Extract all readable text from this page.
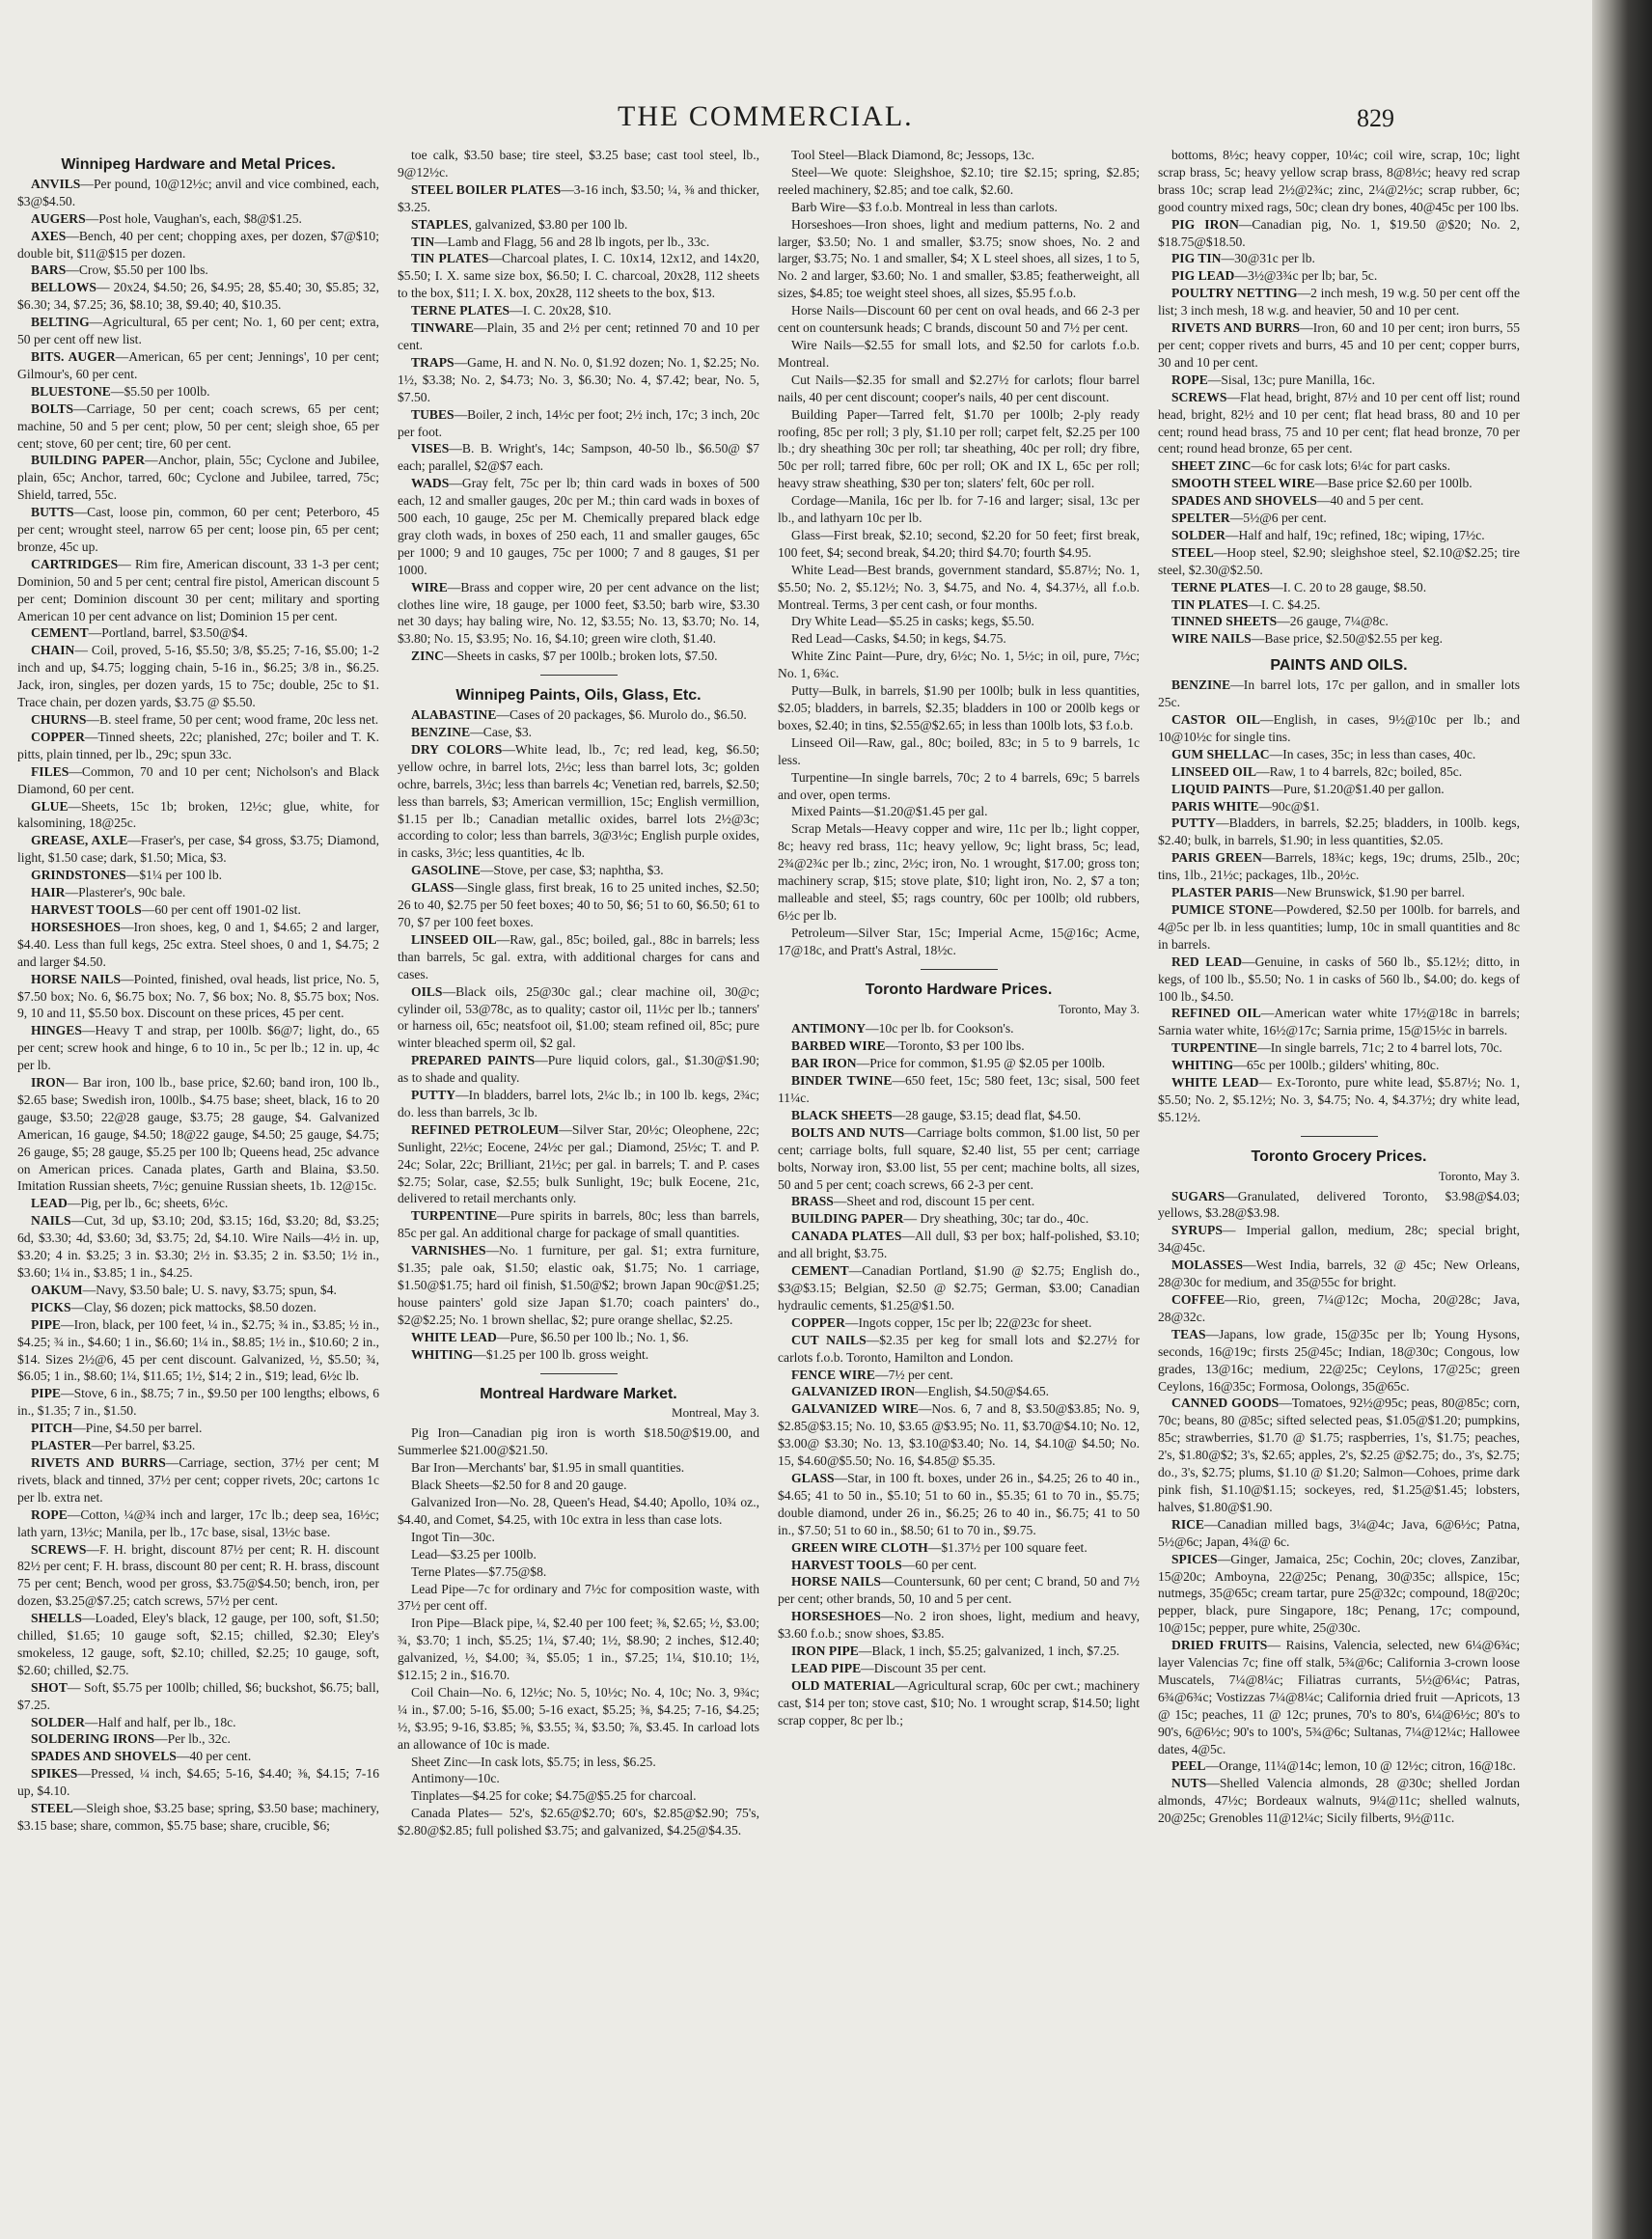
THE COMMERCIAL.	829
Winnipeg Hardware and Metal Prices.

ANVILS—Per pound, 10@12½c; anvil and vice combined, each, $3@$4.50.

AUGERS—Post hole, Vaughan's, each, $8@$1.25.

AXES—Bench, 40 per cent; chopping axes, per dozen, $7@$10; double bit, $11@$15 per dozen.

BARS—Crow, $5.50 per 100 lbs.

BELLOWS— 20x24, $4.50; 26, $4.95; 28, $5.40; 30, $5.85; 32, $6.30; 34, $7.25; 36, $8.10; 38, $9.40; 40, $10.35.

BELTING—Agricultural, 65 per cent; No. 1, 60 per cent; extra, 50 per cent off new list.

BITS. AUGER—American, 65 per cent; Jennings', 10 per cent; Gilmour's, 60 per cent.

BLUESTONE—$5.50 per 100lb.

BOLTS—Carriage, 50 per cent; coach screws, 65 per cent; machine, 50 and 5 per cent; plow, 50 per cent; sleigh shoe, 65 per cent; stove, 60 per cent; tire, 60 per cent.

BUILDING PAPER—Anchor, plain, 55c; Cyclone and Jubilee, plain, 65c; Anchor, tarred, 60c; Cyclone and Jubilee, tarred, 75c; Shield, tarred, 55c.

BUTTS—Cast, loose pin, common, 60 per cent; Peterboro, 45 per cent; wrought steel, narrow 65 per cent; loose pin, 65 per cent; bronze, 45c up.

CARTRIDGES— Rim fire, American discount, 33 1-3 per cent; Dominion, 50 and 5 per cent; central fire pistol, American discount 5 per cent; Dominion discount 30 per cent; military and sporting American 10 per cent advance on list; Dominion 15 per cent.

CEMENT—Portland, barrel, $3.50@$4.

CHAIN— Coil, proved, 5-16, $5.50; 3/8, $5.25; 7-16, $5.00; 1-2 inch and up, $4.75; logging chain, 5-16 in., $6.25; 3/8 in., $6.25. Jack, iron, singles, per dozen yards, 15 to 75c; double, 25c to $1. Trace chain, per dozen yards, $3.75 @ $5.50.

CHURNS—B. steel frame, 50 per cent; wood frame, 20c less net.

COPPER—Tinned sheets, 22c; planished, 27c; boiler and T. K. pitts, plain tinned, per lb., 29c; spun 33c.

FILES—Common, 70 and 10 per cent; Nicholson's and Black Diamond, 60 per cent.

GLUE—Sheets, 15c 1b; broken, 12½c; glue, white, for kalsomining, 18@25c.

GREASE, AXLE—Fraser's, per case, $4 gross, $3.75; Diamond, light, $1.50 case; dark, $1.50; Mica, $3.

GRINDSTONES—$1¼ per 100 lb.

HAIR—Plasterer's, 90c bale.

HARVEST TOOLS—60 per cent off 1901-02 list.

HORSESHOES—Iron shoes, keg, 0 and 1, $4.65; 2 and larger, $4.40. Less than full kegs, 25c extra. Steel shoes, 0 and 1, $4.75; 2 and larger $4.50.

HORSE NAILS—Pointed, finished, oval heads, list price, No. 5, $7.50 box; No. 6, $6.75 box; No. 7, $6 box; No. 8, $5.75 box; Nos. 9, 10 and 11, $5.50 box. Discount on these prices, 45 per cent.

HINGES—Heavy T and strap, per 100lb. $6@7; light, do., 65 per cent; screw hook and hinge, 6 to 10 in., 5c per lb.; 12 in. up, 4c per lb.

IRON— Bar iron, 100 lb., base price, $2.60; band iron, 100 lb., $2.65 base; Swedish iron, 100lb., $4.75 base; sheet, black, 16 to 20 gauge, $3.50; 22@28 gauge, $3.75; 28 gauge, $4. Galvanized American, 16 gauge, $4.50; 18@22 gauge, $4.50; 25 gauge, $4.75; 26 gauge, $5; 28 gauge, $5.25 per 100 lb; Queens head, 25c advance on American prices. Canada plates, Garth and Blaina, $3.50. Imitation Russian sheets, 7½c; genuine Russian sheets, 1b. 12@15c.

LEAD—Pig, per lb., 6c; sheets, 6½c.

NAILS—Cut, 3d up, $3.10; 20d, $3.15; 16d, $3.20; 8d, $3.25; 6d, $3.30; 4d, $3.60; 3d, $3.75; 2d, $4.10. Wire Nails—4½ in. up, $3.20; 4 in. $3.25; 3 in. $3.30; 2½ in. $3.35; 2 in. $3.50; 1½ in., $3.60; 1¼ in., $3.85; 1 in., $4.25.

OAKUM—Navy, $3.50 bale; U. S. navy, $3.75; spun, $4.

PICKS—Clay, $6 dozen; pick mattocks, $8.50 dozen.

PIPE—Iron, black, per 100 feet, ¼ in., $2.75; ¾ in., $3.85; ½ in., $4.25; ¾ in., $4.60; 1 in., $6.60; 1¼ in., $8.85; 1½ in., $10.60; 2 in., $14. Sizes 2½@6, 45 per cent discount. Galvanized, ½, $5.50; ¾, $6.05; 1 in., $8.60; 1¼, $11.65; 1½, $14; 2 in., $19; lead, 6½c lb.

PIPE—Stove, 6 in., $8.75; 7 in., $9.50 per 100 lengths; elbows, 6 in., $1.35; 7 in., $1.50.

PITCH—Pine, $4.50 per barrel.

PLASTER—Per barrel, $3.25.

RIVETS AND BURRS—Carriage, section, 37½ per cent; M rivets, black and tinned, 37½ per cent; copper rivets, 20c; cartons 1c per lb. extra net.

ROPE—Cotton, ¼@¾ inch and larger, 17c lb.; deep sea, 16½c; lath yarn, 13½c; Manila, per lb., 17c base, sisal, 13½c base.

SCREWS—F. H. bright, discount 87½ per cent; R. H. discount 82½ per cent; F. H. brass, discount 80 per cent; R. H. brass, discount 75 per cent; Bench, wood per gross, $3.75@$4.50; bench, iron, per dozen, $3.25@$7.25; catch screws, 57½ per cent.

SHELLS—Loaded, Eley's black, 12 gauge, per 100, soft, $1.50; chilled, $1.65; 10 gauge soft, $2.15; chilled, $2.30; Eley's smokeless, 12 gauge, soft, $2.10; chilled, $2.25; 10 gauge, soft, $2.60; chilled, $2.75.

SHOT— Soft, $5.75 per 100lb; chilled, $6; buckshot, $6.75; ball, $7.25.

SOLDER—Half and half, per lb., 18c.

SOLDERING IRONS—Per lb., 32c.

SPADES AND SHOVELS—40 per cent.

SPIKES—Pressed, ¼ inch, $4.65; 5-16, $4.40; ⅜, $4.15; 7-16 up, $4.10.

STEEL—Sleigh shoe, $3.25 base; spring, $3.50 base; machinery, $3.15 base; share, common, $5.75 base; share, crucible, $6;

toe calk, $3.50 base; tire steel, $3.25 base; cast tool steel, lb., 9@12½c.

STEEL BOILER PLATES—3-16 inch, $3.50; ¼, ⅜ and thicker, $3.25.

STAPLES, galvanized, $3.80 per 100 lb.

TIN—Lamb and Flagg, 56 and 28 lb ingots, per lb., 33c.

TIN PLATES—Charcoal plates, I. C. 10x14, 12x12, and 14x20, $5.50; I. X. same size box, $6.50; I. C. charcoal, 20x28, 112 sheets to the box, $11; I. X. box, 20x28, 112 sheets to the box, $13.

TERNE PLATES—I. C. 20x28, $10.

TINWARE—Plain, 35 and 2½ per cent; retinned 70 and 10 per cent.

TRAPS—Game, H. and N. No. 0, $1.92 dozen; No. 1, $2.25; No. 1½, $3.38; No. 2, $4.73; No. 3, $6.30; No. 4, $7.42; bear, No. 5, $7.50.

TUBES—Boiler, 2 inch, 14½c per foot; 2½ inch, 17c; 3 inch, 20c per foot.

VISES—B. B. Wright's, 14c; Sampson, 40-50 lb., $6.50@ $7 each; parallel, $2@$7 each.

WADS—Gray felt, 75c per lb; thin card wads in boxes of 500 each, 12 and smaller gauges, 20c per M.; thin card wads in boxes of 500 each, 10 gauge, 25c per M. Chemically prepared black edge gray cloth wads, in boxes of 250 each, 11 and smaller gauges, 65c per 1000; 9 and 10 gauges, 75c per 1000; 7 and 8 gauges, $1 per 1000.

WIRE—Brass and copper wire, 20 per cent advance on the list; clothes line wire, 18 gauge, per 1000 feet, $3.50; barb wire, $3.30 net 30 days; hay baling wire, No. 12, $3.55; No. 13, $3.70; No. 14, $3.80; No. 15, $3.95; No. 16, $4.10; green wire cloth, $1.40.

ZINC—Sheets in casks, $7 per 100lb.; broken lots, $7.50.

Winnipeg Paints, Oils, Glass, Etc.

ALABASTINE—Cases of 20 packages, $6. Murolo do., $6.50.

BENZINE—Case, $3.

DRY COLORS—White lead, lb., 7c; red lead, keg, $6.50; yellow ochre, in barrel lots, 2½c; less than barrel lots, 3c; golden ochre, barrels, 3½c; less than barrels 4c; Venetian red, barrels, $2.50; less than barrels, $3; American vermillion, 15c; English vermillion, $1.15 per lb.; Canadian metallic oxides, barrel lots 2½@3c; according to color; less than barrels, 3@3½c; English purple oxides, in casks, 3½c; less quantities, 4c lb.

GASOLINE—Stove, per case, $3; naphtha, $3.

GLASS—Single glass, first break, 16 to 25 united inches, $2.50; 26 to 40, $2.75 per 50 feet boxes; 40 to 50, $6; 51 to 60, $6.50; 61 to 70, $7 per 100 feet boxes.

LINSEED OIL—Raw, gal., 85c; boiled, gal., 88c in barrels; less than barrels, 5c gal. extra, with additional charges for cans and cases.

OILS—Black oils, 25@30c gal.; clear machine oil, 30@c; cylinder oil, 53@78c, as to quality; castor oil, 11½c per lb.; tanners' or harness oil, 65c; neatsfoot oil, $1.00; steam refined oil, 85c; pure winter bleached sperm oil, $2 gal.

PREPARED PAINTS—Pure liquid colors, gal., $1.30@$1.90; as to shade and quality.

PUTTY—In bladders, barrel lots, 2¼c lb.; in 100 lb. kegs, 2¾c; do. less than barrels, 3c lb.

REFINED PETROLEUM—Silver Star, 20½c; Oleophene, 22c; Sunlight, 22½c; Eocene, 24½c per gal.; Diamond, 25½c; T. and P. 24c; Solar, 22c; Brilliant, 21½c; per gal. in barrels; T. and P. cases $2.75; Solar, case, $2.55; bulk Sunlight, 19c; bulk Eocene, 21c, delivered to retail merchants only.

TURPENTINE—Pure spirits in barrels, 80c; less than barrels, 85c per gal. An additional charge for package of small quantities.

VARNISHES—No. 1 furniture, per gal. $1; extra furniture, $1.35; pale oak, $1.50; elastic oak, $1.75; No. 1 carriage, $1.50@$1.75; hard oil finish, $1.50@$2; brown Japan 90c@$1.25; house painters' gold size Japan $1.70; coach painters' do., $2@$2.25; No. 1 brown shellac, $2; pure orange shellac, $2.25.

WHITE LEAD—Pure, $6.50 per 100 lb.; No. 1, $6.

WHITING—$1.25 per 100 lb. gross weight.

Montreal Hardware Market.
Montreal, May 3.

Pig Iron—Canadian pig iron is worth $18.50@$19.00, and Summerlee $21.00@$21.50.

Bar Iron—Merchants' bar, $1.95 in small quantities.

Black Sheets—$2.50 for 8 and 20 gauge.

Galvanized Iron—No. 28, Queen's Head, $4.40; Apollo, 10¾ oz., $4.40, and Comet, $4.25, with 10c extra in less than case lots.

Ingot Tin—30c.

Lead—$3.25 per 100lb.

Terne Plates—$7.75@$8.

Lead Pipe—7c for ordinary and 7½c for composition waste, with 37½ per cent off.

Iron Pipe—Black pipe, ¼, $2.40 per 100 feet; ⅜, $2.65; ½, $3.00; ¾, $3.70; 1 inch, $5.25; 1¼, $7.40; 1½, $8.90; 2 inches, $12.40; galvanized, ½, $4.00; ¾, $5.05; 1 in., $7.25; 1¼, $10.10; 1½, $12.15; 2 in., $16.70.

Coil Chain—No. 6, 12½c; No. 5, 10½c; No. 4, 10c; No. 3, 9¾c; ¼ in., $7.00; 5-16, $5.00; 5-16 exact, $5.25; ⅜, $4.25; 7-16, $4.25; ½, $3.95; 9-16, $3.85; ⅝, $3.55; ¾, $3.50; ⅞, $3.45. In carload lots an allowance of 10c is made.

Sheet Zinc—In cask lots, $5.75; in less, $6.25.

Antimony—10c.

Tinplates—$4.25 for coke; $4.75@$5.25 for charcoal.

Canada Plates— 52's, $2.65@$2.70; 60's, $2.85@$2.90; 75's, $2.80@$2.85; full polished $3.75; and galvanized, $4.25@$4.35.

Tool Steel—Black Diamond, 8c; Jessops, 13c.

Steel—We quote: Sleighshoe, $2.10; tire $2.15; spring, $2.85; reeled machinery, $2.85; and toe calk, $2.60.

Barb Wire—$3 f.o.b. Montreal in less than carlots.

Horseshoes—Iron shoes, light and medium patterns, No. 2 and larger, $3.50; No. 1 and smaller, $3.75; snow shoes, No. 2 and larger, $3.75; No. 1 and smaller, $4; X L steel shoes, all sizes, 1 to 5, No. 2 and larger, $3.60; No. 1 and smaller, $3.85; featherweight, all sizes, $4.85; toe weight steel shoes, all sizes, $5.95 f.o.b.

Horse Nails—Discount 60 per cent on oval heads, and 66 2-3 per cent on countersunk heads; C brands, discount 50 and 7½ per cent.

Wire Nails—$2.55 for small lots, and $2.50 for carlots f.o.b. Montreal.

Cut Nails—$2.35 for small and $2.27½ for carlots; flour barrel nails, 40 per cent discount; cooper's nails, 40 per cent discount.

Building Paper—Tarred felt, $1.70 per 100lb; 2-ply ready roofing, 85c per roll; 3 ply, $1.10 per roll; carpet felt, $2.25 per 100 lb.; dry sheathing 30c per roll; tar sheathing, 40c per roll; dry fibre, 50c per roll; tarred fibre, 60c per roll; OK and IX L, 65c per roll; heavy straw sheathing, $30 per ton; slaters' felt, 60c per roll.

Cordage—Manila, 16c per lb. for 7-16 and larger; sisal, 13c per lb., and lathyarn 10c per lb.

Glass—First break, $2.10; second, $2.20 for 50 feet; first break, 100 feet, $4; second break, $4.20; third $4.70; fourth $4.95.

White Lead—Best brands, government standard, $5.87½; No. 1, $5.50; No. 2, $5.12½; No. 3, $4.75, and No. 4, $4.37½, all f.o.b. Montreal. Terms, 3 per cent cash, or four months.

Dry White Lead—$5.25 in casks; kegs, $5.50.

Red Lead—Casks, $4.50; in kegs, $4.75.

White Zinc Paint—Pure, dry, 6½c; No. 1, 5½c; in oil, pure, 7½c; No. 1, 6¾c.

Putty—Bulk, in barrels, $1.90 per 100lb; bulk in less quantities, $2.05; bladders, in barrels, $2.35; bladders in 100 or 200lb kegs or boxes, $2.40; in tins, $2.55@$2.65; in less than 100lb lots, $3 f.o.b.

Linseed Oil—Raw, gal., 80c; boiled, 83c; in 5 to 9 barrels, 1c less.

Turpentine—In single barrels, 70c; 2 to 4 barrels, 69c; 5 barrels and over, open terms.

Mixed Paints—$1.20@$1.45 per gal.

Scrap Metals—Heavy copper and wire, 11c per lb.; light copper, 8c; heavy red brass, 11c; heavy yellow, 9c; light brass, 5c; lead, 2¾@2¾c per lb.; zinc, 2½c; iron, No. 1 wrought, $17.00; gross ton; machinery scrap, $15; stove plate, $10; light iron, No. 2, $7 a ton; malleable and steel, $5; rags country, 60c per 100lb; old rubbers, 6½c per lb.

Petroleum—Silver Star, 15c; Imperial Acme, 15@16c; Acme, 17@18c, and Pratt's Astral, 18½c.

Toronto Hardware Prices.
Toronto, May 3.

ANTIMONY—10c per lb. for Cookson's.

BARBED WIRE—Toronto, $3 per 100 lbs.

BAR IRON—Price for common, $1.95 @ $2.05 per 100lb.

BINDER TWINE—650 feet, 15c; 580 feet, 13c; sisal, 500 feet 11¼c.

BLACK SHEETS—28 gauge, $3.15; dead flat, $4.50.

BOLTS AND NUTS—Carriage bolts common, $1.00 list, 50 per cent; carriage bolts, full square, $2.40 list, 55 per cent; carriage bolts, Norway iron, $3.00 list, 55 per cent; machine bolts, all sizes, 50 and 5 per cent; coach screws, 66 2-3 per cent.

BRASS—Sheet and rod, discount 15 per cent.

BUILDING PAPER— Dry sheathing, 30c; tar do., 40c.

CANADA PLATES—All dull, $3 per box; half-polished, $3.10; and all bright, $3.75.

CEMENT—Canadian Portland, $1.90 @ $2.75; English do., $3@$3.15; Belgian, $2.50 @ $2.75; German, $3.00; Canadian hydraulic cements, $1.25@$1.50.

COPPER—Ingots copper, 15c per lb; 22@23c for sheet.

CUT NAILS—$2.35 per keg for small lots and $2.27½ for carlots f.o.b. Toronto, Hamilton and London.

FENCE WIRE—7½ per cent.

GALVANIZED IRON—English, $4.50@$4.65.

GALVANIZED WIRE—Nos. 6, 7 and 8, $3.50@$3.85; No. 9, $2.85@$3.15; No. 10, $3.65 @$3.95; No. 11, $3.70@$4.10; No. 12, $3.00@ $3.30; No. 13, $3.10@$3.40; No. 14, $4.10@ $4.50; No. 15, $4.60@$5.50; No. 16, $4.85@ $5.35.

GLASS—Star, in 100 ft. boxes, under 26 in., $4.25; 26 to 40 in., $4.65; 41 to 50 in., $5.10; 51 to 60 in., $5.35; 61 to 70 in., $5.75; double diamond, under 26 in., $6.25; 26 to 40 in., $6.75; 41 to 50 in., $7.50; 51 to 60 in., $8.50; 61 to 70 in., $9.75.

GREEN WIRE CLOTH—$1.37½ per 100 square feet.

HARVEST TOOLS—60 per cent.

HORSE NAILS—Countersunk, 60 per cent; C brand, 50 and 7½ per cent; other brands, 50, 10 and 5 per cent.

HORSESHOES—No. 2 iron shoes, light, medium and heavy, $3.60 f.o.b.; snow shoes, $3.85.

IRON PIPE—Black, 1 inch, $5.25; galvanized, 1 inch, $7.25.

LEAD PIPE—Discount 35 per cent.

OLD MATERIAL—Agricultural scrap, 60c per cwt.; machinery cast, $14 per ton; stove cast, $10; No. 1 wrought scrap, $14.50; light scrap copper, 8c per lb.;

bottoms, 8½c; heavy copper, 10¼c; coil wire, scrap, 10c; light scrap brass, 5c; heavy yellow scrap brass, 8@8½c; heavy red scrap brass 10c; scrap lead 2½@2¾c; zinc, 2¼@2½c; scrap rubber, 6c; good country mixed rags, 50c; clean dry bones, 40@45c per 100 lbs.

PIG IRON—Canadian pig, No. 1, $19.50 @$20; No. 2, $18.75@$18.50.

PIG TIN—30@31c per lb.

PIG LEAD—3½@3¾c per lb; bar, 5c.

POULTRY NETTING—2 inch mesh, 19 w.g. 50 per cent off the list; 3 inch mesh, 18 w.g. and heavier, 50 and 10 per cent.

RIVETS AND BURRS—Iron, 60 and 10 per cent; iron burrs, 55 per cent; copper rivets and burrs, 45 and 10 per cent; copper burrs, 30 and 10 per cent.

ROPE—Sisal, 13c; pure Manilla, 16c.

SCREWS—Flat head, bright, 87½ and 10 per cent off list; round head, bright, 82½ and 10 per cent; flat head brass, 80 and 10 per cent; round head brass, 75 and 10 per cent; flat head bronze, 70 per cent; round head bronze, 65 per cent.

SHEET ZINC—6c for cask lots; 6¼c for part casks.

SMOOTH STEEL WIRE—Base price $2.60 per 100lb.

SPADES AND SHOVELS—40 and 5 per cent.

SPELTER—5½@6 per cent.

SOLDER—Half and half, 19c; refined, 18c; wiping, 17½c.

STEEL—Hoop steel, $2.90; sleighshoe steel, $2.10@$2.25; tire steel, $2.30@$2.50.

TERNE PLATES—I. C. 20 to 28 gauge, $8.50.

TIN PLATES—I. C. $4.25.

TINNED SHEETS—26 gauge, 7¼@8c.

WIRE NAILS—Base price, $2.50@$2.55 per keg.

PAINTS AND OILS.

BENZINE—In barrel lots, 17c per gallon, and in smaller lots 25c.

CASTOR OIL—English, in cases, 9½@10c per lb.; and 10@10½c for single tins.

GUM SHELLAC—In cases, 35c; in less than cases, 40c.

LINSEED OIL—Raw, 1 to 4 barrels, 82c; boiled, 85c.

LIQUID PAINTS—Pure, $1.20@$1.40 per gallon.

PARIS WHITE—90c@$1.

PUTTY—Bladders, in barrels, $2.25; bladders, in 100lb. kegs, $2.40; bulk, in barrels, $1.90; in less quantities, $2.05.

PARIS GREEN—Barrels, 18¾c; kegs, 19c; drums, 25lb., 20c; tins, 1lb., 21½c; packages, 1lb., 20½c.

PLASTER PARIS—New Brunswick, $1.90 per barrel.

PUMICE STONE—Powdered, $2.50 per 100lb. for barrels, and 4@5c per lb. in less quantities; lump, 10c in small quantities and 8c in barrels.

RED LEAD—Genuine, in casks of 560 lb., $5.12½; ditto, in kegs, of 100 lb., $5.50; No. 1 in casks of 560 lb., $4.00; do. kegs of 100 lb., $4.50.

REFINED OIL—American water white 17½@18c in barrels; Sarnia water white, 16½@17c; Sarnia prime, 15@15½c in barrels.

TURPENTINE—In single barrels, 71c; 2 to 4 barrel lots, 70c.

WHITING—65c per 100lb.; gilders' whiting, 80c.

WHITE LEAD— Ex-Toronto, pure white lead, $5.87½; No. 1, $5.50; No. 2, $5.12½; No. 3, $4.75; No. 4, $4.37½; dry white lead, $5.12½.

Toronto Grocery Prices.
Toronto, May 3.

SUGARS—Granulated, delivered Toronto, $3.98@$4.03; yellows, $3.28@$3.98.

SYRUPS— Imperial gallon, medium, 28c; special bright, 34@45c.

MOLASSES—West India, barrels, 32 @ 45c; New Orleans, 28@30c for medium, and 35@55c for bright.

COFFEE—Rio, green, 7¼@12c; Mocha, 20@28c; Java, 28@32c.

TEAS—Japans, low grade, 15@35c per lb; Young Hysons, seconds, 16@19c; firsts 25@45c; Indian, 18@30c; Congous, low grades, 13@16c; medium, 22@25c; Ceylons, 17@25c; green Ceylons, 16@35c; Formosa, Oolongs, 35@65c.

CANNED GOODS—Tomatoes, 92½@95c; peas, 80@85c; corn, 70c; beans, 80 @85c; sifted selected peas, $1.05@$1.20; pumpkins, 85c; strawberries, $1.70 @ $1.75; raspberries, 1's, $1.75; peaches, 2's, $1.80@$2; 3's, $2.65; apples, 2's, $2.25 @$2.75; do., 3's, $2.75; do., 3's, $2.75; plums, $1.10 @ $1.20; Salmon—Cohoes, prime dark pink fish, $1.10@$1.15; sockeyes, red, $1.25@$1.45; lobsters, halves, $1.80@$1.90.

RICE—Canadian milled bags, 3¼@4c; Java, 6@6½c; Patna, 5½@6c; Japan, 4¾@ 6c.

SPICES—Ginger, Jamaica, 25c; Cochin, 20c; cloves, Zanzibar, 15@20c; Amboyna, 22@25c; Penang, 30@35c; allspice, 15c; nutmegs, 35@65c; cream tartar, pure 25@32c; compound, 18@20c; pepper, black, pure Singapore, 18c; Penang, 17c; compound, 10@15c; pepper, pure white, 25@30c.

DRIED FRUITS— Raisins, Valencia, selected, new 6¼@6¾c; layer Valencias 7c; fine off stalk, 5¾@6c; California 3-crown loose Muscatels, 7¼@8¼c; Filiatras currants, 5½@6¼c; Patras, 6¾@6¾c; Vostizzas 7¼@8¼c; California dried fruit —Apricots, 13 @ 15c; peaches, 11 @ 12c; prunes, 70's to 80's, 6¼@6½c; 80's to 90's, 6@6½c; 90's to 100's, 5¾@6c; Sultanas, 7¼@12¼c; Hallowee dates, 4@5c.

PEEL—Orange, 11¼@14c; lemon, 10 @ 12½c; citron, 16@18c.

NUTS—Shelled Valencia almonds, 28 @30c; shelled Jordan almonds, 47½c; Bordeaux walnuts, 9¼@11c; shelled walnuts, 20@25c; Grenobles 11@12¼c; Sicily filberts, 9½@11c.
